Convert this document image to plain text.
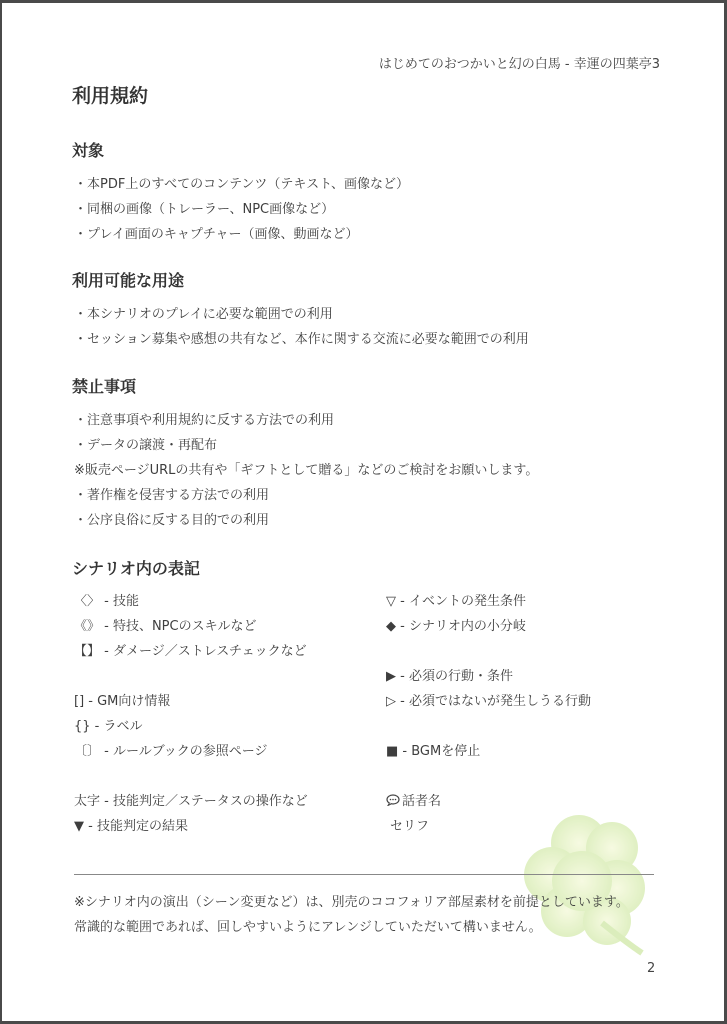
はじめてのおつかいと幻の白馬 - 幸運の四葉亭3
利用規約
対象
・本PDF上のすべてのコンテンツ（テキスト、画像など）
・同梱の画像（トレーラー、NPC画像など）
・プレイ画面のキャプチャー（画像、動画など）
利用可能な用途
・本シナリオのプレイに必要な範囲での利用
・セッション募集や感想の共有など、本作に関する交流に必要な範囲での利用
禁止事項
・注意事項や利用規約に反する方法での利用
・データの譲渡・再配布
※販売ページURLの共有や「ギフトとして贈る」などのご検討をお願いします。
・著作権を侵害する方法での利用
・公序良俗に反する目的での利用
シナリオ内の表記
〈〉 - 技能
《》 - 特技、NPCのスキルなど
【】 - ダメージ／ストレスチェックなど
[] - GM向け情報
{} - ラベル
〔〕 - ルールブックの参照ページ
太字 - 技能判定／ステータスの操作など
▼ - 技能判定の結果
▽ - イベントの発生条件
◆ - シナリオ内の小分岐
▶ - 必須の行動・条件
▷ - 必須ではないが発生しうる行動
■ - BGMを停止
話者名
セリフ
※シナリオ内の演出（シーン変更など）は、別売のココフォリア部屋素材を前提としています。
常識的な範囲であれば、回しやすいようにアレンジしていただいて構いません。
2
